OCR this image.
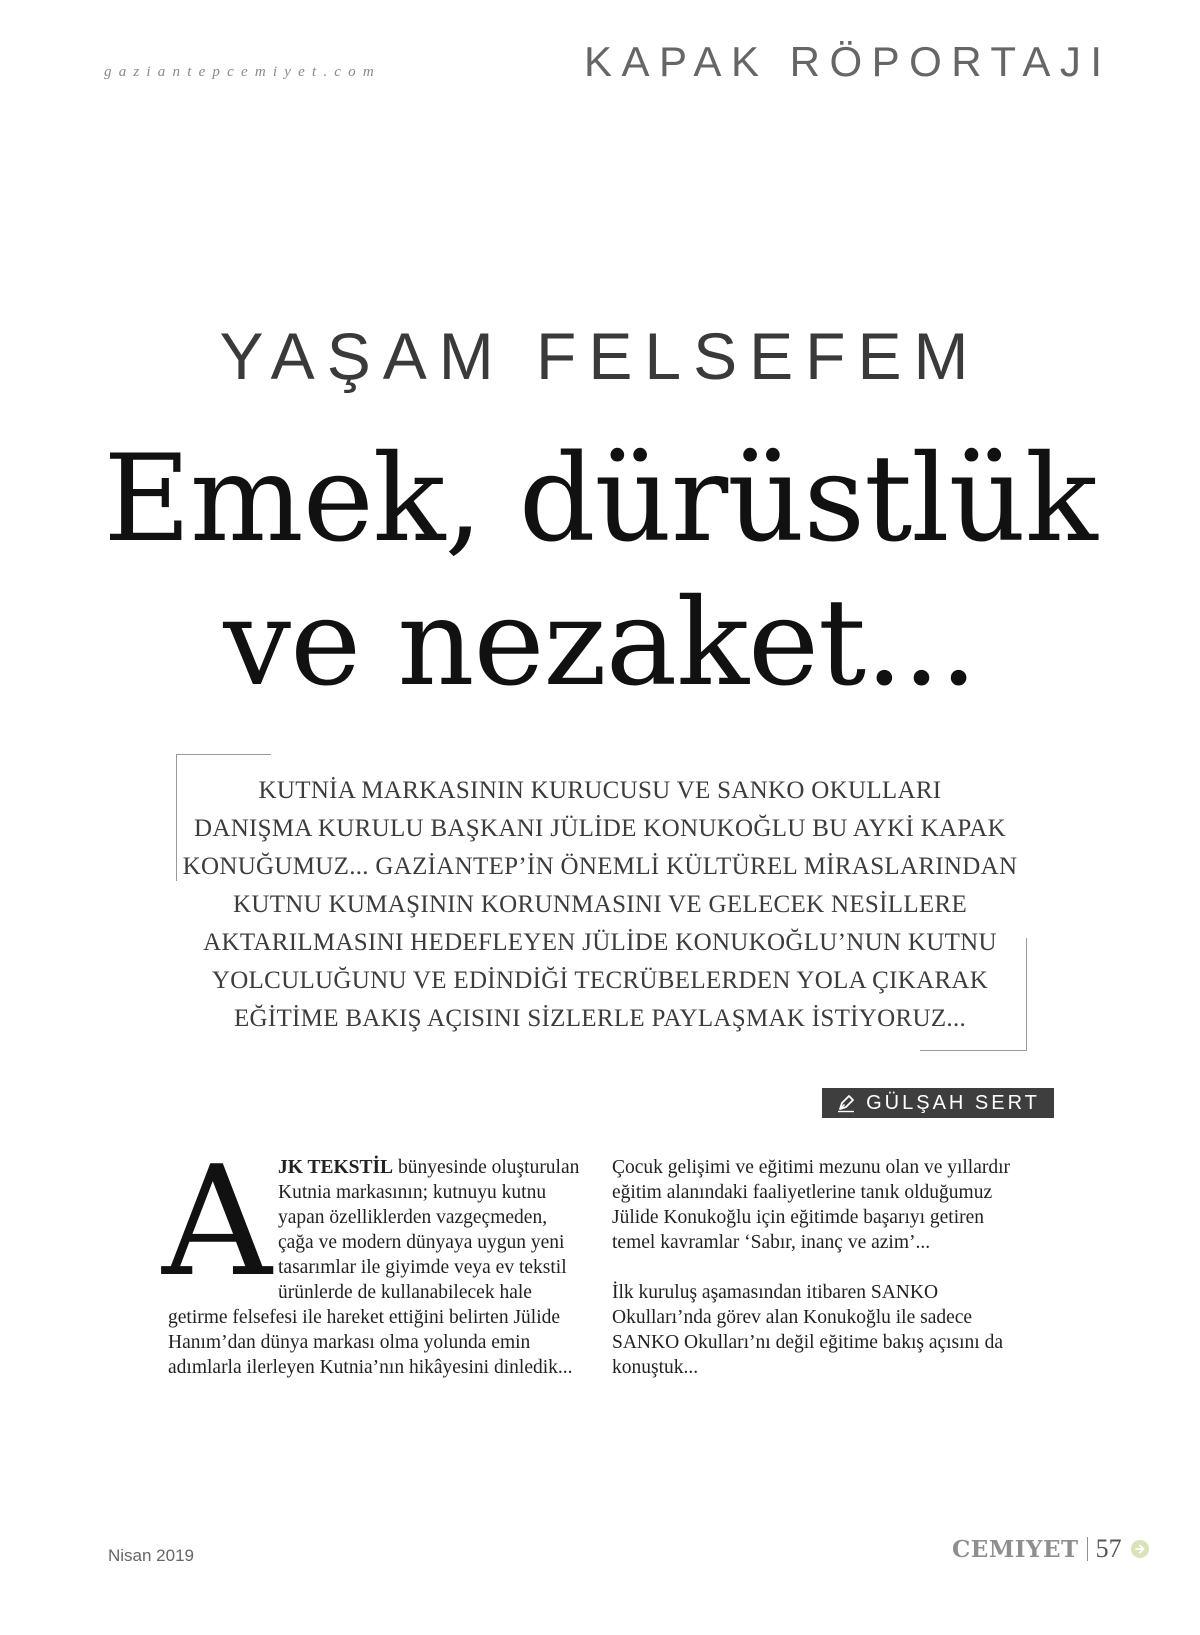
gaziantepcemiyet.com	KAPAK RÖPORTAJI
YAŞAM FELSEFEM
Emek, dürüstlük
ve nezaket...

KUTNİA MARKASININ KURUCUSU VE SANKO OKULLARI
DANIŞMA KURULU BAŞKANI JÜLİDE KONUKOĞLU BU AYKİ KAPAK
KONUĞUMUZ... GAZİANTEP’İN ÖNEMLİ KÜLTÜREL MİRASLARINDAN
KUTNU KUMAŞININ KORUNMASINI VE GELECEK NESİLLERE
AKTARILMASINI HEDEFLEYEN JÜLİDE KONUKOĞLU’NUN KUTNU
YOLCULUĞUNU VE EDİNDİĞİ TECRÜBELERDEN YOLA ÇIKARAK
EĞİTİME BAKIŞ AÇISINI SİZLERLE PAYLAŞMAK İSTİYORUZ...

GÜLŞAH SERT
A JK TEKSTİL bünyesinde oluşturulan
Kutnia markasının; kutnuyu kutnu
yapan özelliklerden vazgeçmeden,
çağa ve modern dünyaya uygun yeni
tasarımlar ile giyimde veya ev tekstil
ürünlerde de kullanabilecek hale
getirme felsefesi ile hareket ettiğini belirten Jülide
Hanım’dan dünya markası olma yolunda emin
adımlarla ilerleyen Kutnia’nın hikâyesini dinledik...

Çocuk gelişimi ve eğitimi mezunu olan ve yıllardır
eğitim alanındaki faaliyetlerine tanık olduğumuz
Jülide Konukoğlu için eğitimde başarıyı getiren
temel kavramlar ‘Sabır, inanç ve azim’...
İlk kuruluş aşamasından itibaren SANKO
Okulları’nda görev alan Konukoğlu ile sadece
SANKO Okulları’nı değil eğitime bakış açısını da
konuştuk...

Nisan 2019	CEMIYET 57
